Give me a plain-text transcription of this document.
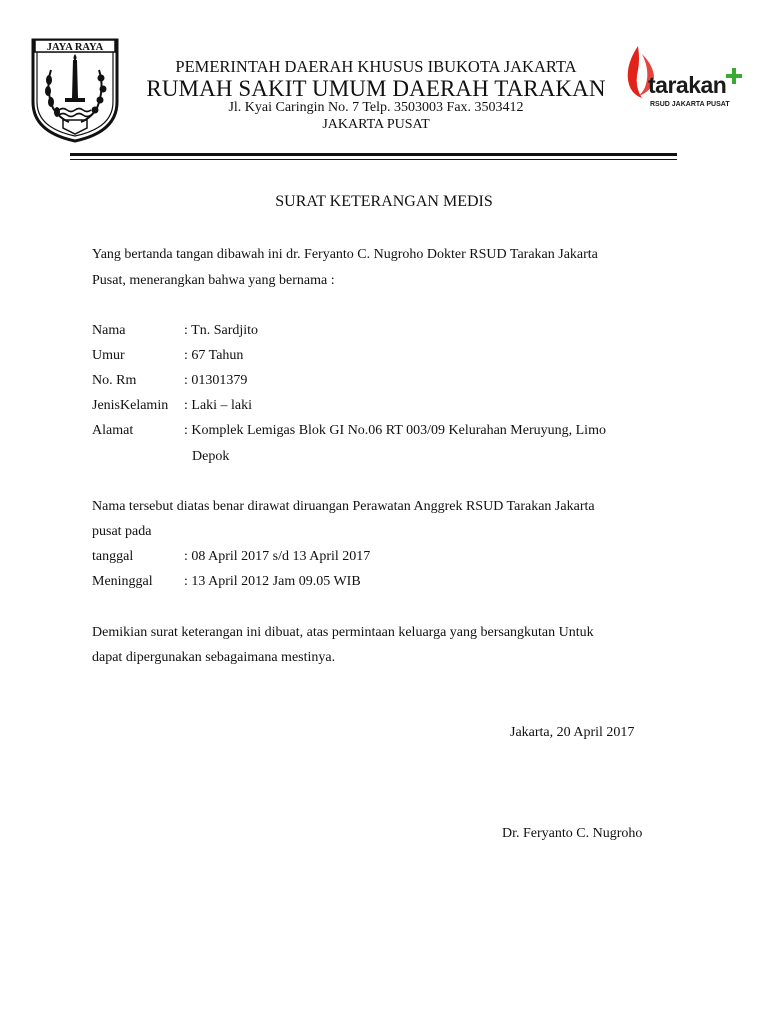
JAYA RAYA
tarakan
RSUD JAKARTA PUSAT
PEMERINTAH DAERAH KHUSUS IBUKOTA JAKARTA
RUMAH SAKIT UMUM DAERAH TARAKAN
Jl. Kyai Caringin No. 7 Telp. 3503003 Fax. 3503412
JAKARTA PUSAT
SURAT KETERANGAN MEDIS
Yang bertanda tangan dibawah ini dr. Feryanto C. Nugroho Dokter RSUD Tarakan Jakarta
Pusat, menerangkan bahwa yang bernama :
Nama	: Tn. Sardjito
Umur	: 67 Tahun
No. Rm	: 01301379
JenisKelamin : Laki – laki
Alamat	: Komplek Lemigas Blok GI No.06 RT 003/09 Kelurahan Meruyung, Limo
Depok
Nama tersebut diatas benar dirawat diruangan Perawatan Anggrek RSUD Tarakan Jakarta
pusat pada
tanggal	: 08 April 2017 s/d 13 April 2017
Meninggal : 13 April 2012 Jam 09.05 WIB
Demikian surat keterangan ini dibuat, atas permintaan keluarga yang bersangkutan Untuk
dapat dipergunakan sebagaimana mestinya.
Jakarta, 20 April 2017
Dr. Feryanto C. Nugroho
